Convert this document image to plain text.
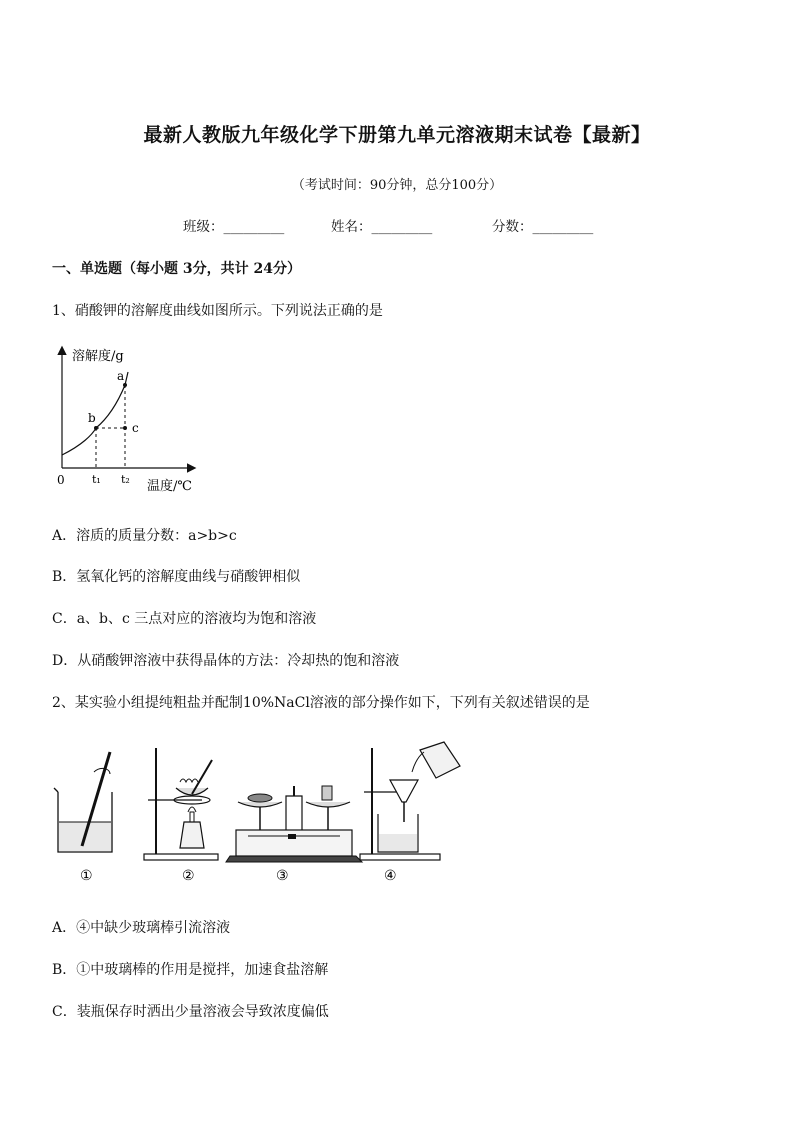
最新人教版九年级化学下册第九单元溶液期末试卷【最新】
（考试时间：90分钟，总分100分）
班级：_________	姓名：_________	分数：_________
一、单选题（每小题 3分，共计 24分）
1、硝酸钾的溶解度曲线如图所示。下列说法正确的是
溶解度/g
a
b
c
0 t₁ t₂ 温度/℃
A．溶质的质量分数：a>b>c
B．氢氧化钙的溶解度曲线与硝酸钾相似
C．a、b、c 三点对应的溶液均为饱和溶液
D．从硝酸钾溶液中获得晶体的方法：冷却热的饱和溶液
2、某实验小组提纯粗盐并配制10%NaCl溶液的部分操作如下，下列有关叙述错误的是
①	②	③	④
A．④中缺少玻璃棒引流溶液
B．①中玻璃棒的作用是搅拌，加速食盐溶解
C．装瓶保存时洒出少量溶液会导致浓度偏低
